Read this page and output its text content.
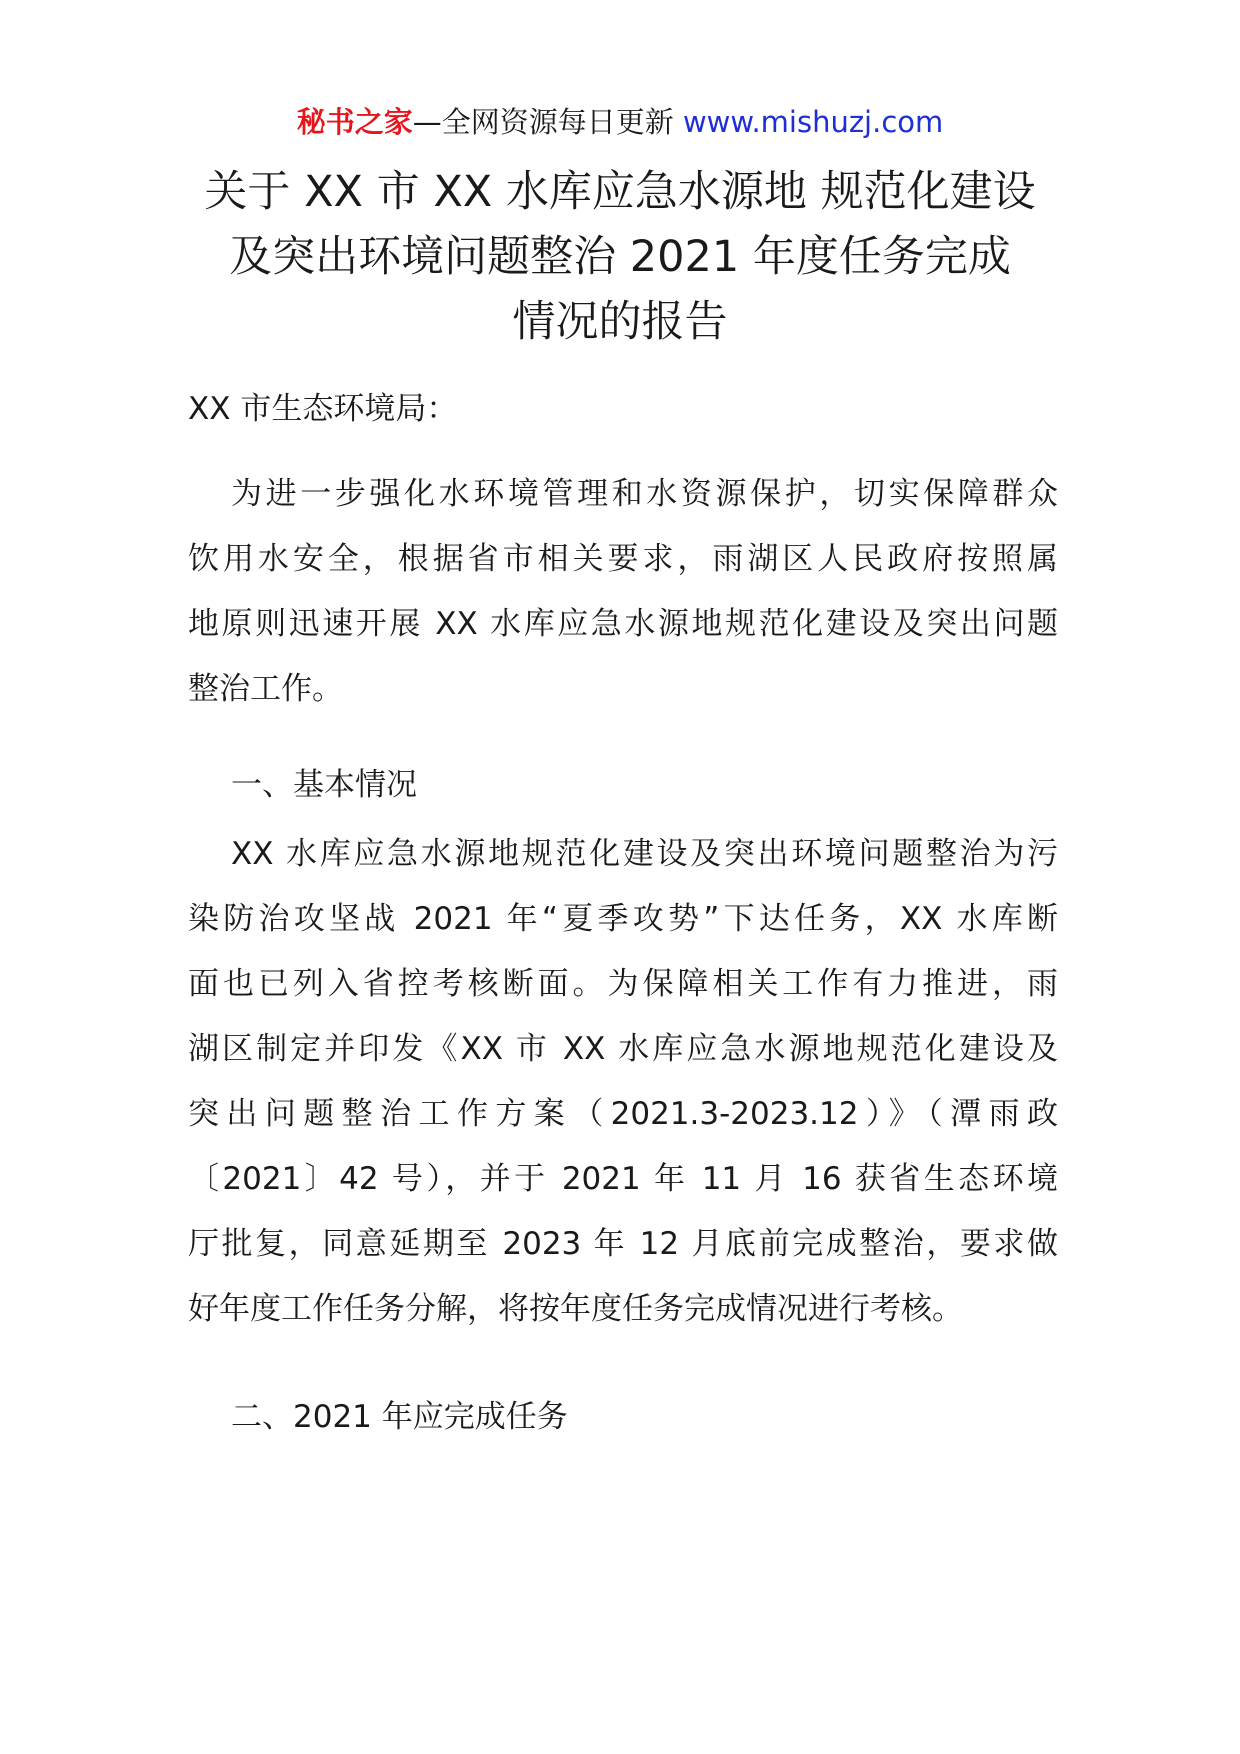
秘书之家—全网资源每日更新 www.mishuzj.com
关于 XX 市 XX 水库应急水源地 规范化建设
及突出环境问题整治 2021 年度任务完成
情况的报告

XX 市生态环境局：

为进一步强化水环境管理和水资源保护，切实保障群众
饮用水安全，根据省市相关要求，雨湖区人民政府按照属
地原则迅速开展 XX 水库应急水源地规范化建设及突出问题
整治工作。

一、基本情况

XX 水库应急水源地规范化建设及突出环境问题整治为污
染防治攻坚战 2021 年“夏季攻势”下达任务，XX 水库断
面也已列入省控考核断面。为保障相关工作有力推进，雨
湖区制定并印发《XX 市 XX 水库应急水源地规范化建设及
突出问题整治工作方案（2021.3-2023.12）》（潭雨政
〔2021〕42 号），并于 2021 年 11 月 16 获省生态环境
厅批复，同意延期至 2023 年 12 月底前完成整治，要求做
好年度工作任务分解，将按年度任务完成情况进行考核。

二、2021 年应完成任务
